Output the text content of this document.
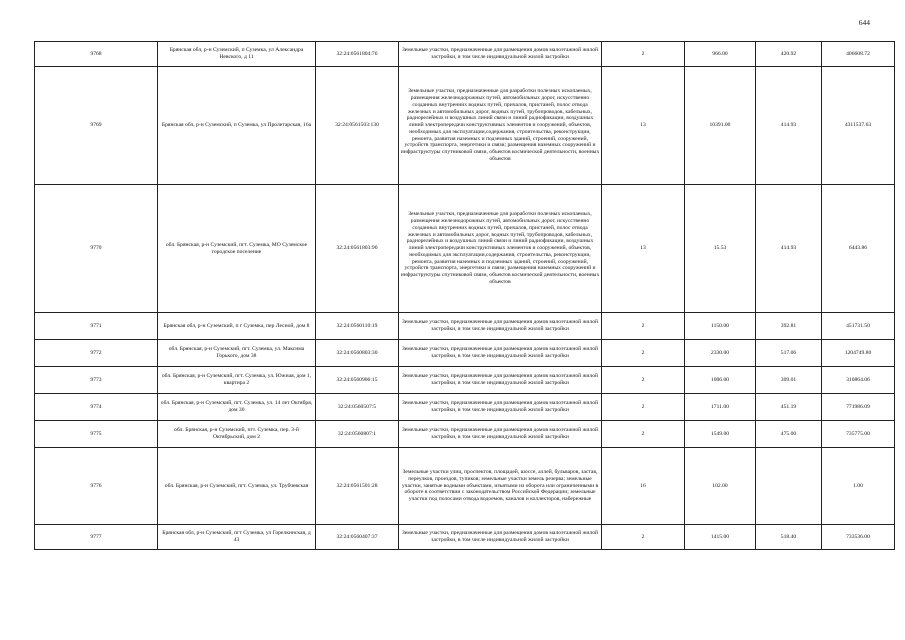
644
9768	Брянская обл, р-н Суземский, п Суземка, ул Александра Невского, д 11	32:24:0561804:76	Земельные участки, предназначенные для размещения домов малоэтажной жилой застройки, в том числе индивидуальной жилой застройки	2	966.00	420.92	406608.72
9769	Брянская обл, р-н Суземский, п Суземка, ул Пролетарская, 16а	32:24:0561503:130	Земельные участки, предназначенные для разработки полезных ископаемых, размещения железнодорожных путей, автомобильных дорог, искусственно созданных внутренних водных путей, причалов, пристаней, полос отвода железных и автомобильных дорог, водных путей, трубопроводов, кабельных, радиорелейных и воздушных линий связи и линий радиофикации, воздушных линий электропередачи конструктивных элементов и сооружений, объектов, необходимых для эксплуатации,содержания, строительства, реконструкции, ремонта, развития наземных и подземных зданий, строений, сооружений, устройств транспорта, энергетики и связи; размещения наземных сооружений и инфраструктуры спутниковой связи, объектов космической деятельности, военных объектов	13	10391.00	414.93	4311537.63
9770	обл. Брянская, р-н Суземский, пгт. Суземка, МО Суземское городское поселение	32:24:0561803:90	Земельные участки, предназначенные для разработки полезных ископаемых, размещения железнодорожных путей, автомобильных дорог, искусственно созданных внутренних водных путей, причалов, пристаней, полос отвода железных и автомобильных дорог, водных путей, трубопроводов, кабельных, радиорелейных и воздушных линий связи и линий радиофикации, воздушных линий электропередачи конструктивных элементов и сооружений, объектов, необходимых для эксплуатации,содержания, строительства, реконструкции, ремонта, развития наземных и подземных зданий, строений, сооружений, устройств транспорта, энергетики и связи; размещения наземных сооружений и инфраструктуры спутниковой связи, объектов космической деятельности, военных объектов	13	15.53	414.93	6443.86
9771	Брянская обл, р-н Суземский, п г Суземка, пер Лесной, дом 8	32:24:0560110:19	Земельные участки, предназначенные для размещения домов малоэтажной жилой застройки, в том числе индивидуальной жилой застройки	2	1150.00	392.81	451731.50
9772	обл. Брянская, р-н Суземский, пгт. Суземка, ул. Максима Горького, дом 38	32:24:0560803:30	Земельные участки, предназначенные для размещения домов малоэтажной жилой застройки, в том числе индивидуальной жилой застройки	2	2330.00	517.06	1204749.80
9773	обл. Брянская, р-н Суземский, пгт. Суземка, ул. Южная, дом 1, квартира 2	32:24:0560906:15	Земельные участки, предназначенные для размещения домов малоэтажной жилой застройки, в том числе индивидуальной жилой застройки	2	1006.00	309.01	310864.06
9774	обл. Брянская, р-н Суземский, пгт. Суземка, ул. 14 лет Октября, дом 30	32:24:0560507:5	Земельные участки, предназначенные для размещения домов малоэтажной жилой застройки, в том числе индивидуальной жилой застройки	2	1711.00	451.19	771986.09
9775	обл. Брянская, р-н Суземский, пгт. Суземка, пер. 3-й Октябрьский, дом 2	32:24:0560807:1	Земельные участки, предназначенные для размещения домов малоэтажной жилой застройки, в том числе индивидуальной жилой застройки	2	1549.00	475.00	735775.00
9776	обл. Брянская, р-н Суземский, пгт. Суземка, ул. Трубчевская	32:24:0561501:28	Земельные участки улиц, проспектов, площадей, шоссе, аллей, бульваров, застав, переулков, проездов, тупиков; земельные участки земель резерва; земельные участки, занятые водными объектами, изъятыми из оборота или ограниченными в обороте в соответствии с законодательством Российской Федерации; земельные участки под полосами отвода водоемов, каналов и коллекторов, набережные	16	102.00		1.00
9777	Брянская обл, р-н Суземский, пгт Суземка, ул Горелкинская, д 43	32:24:0560407:37	Земельные участки, предназначенные для размещения домов малоэтажной жилой застройки, в том числе индивидуальной жилой застройки	2	1415.00	518.40	733536.00
